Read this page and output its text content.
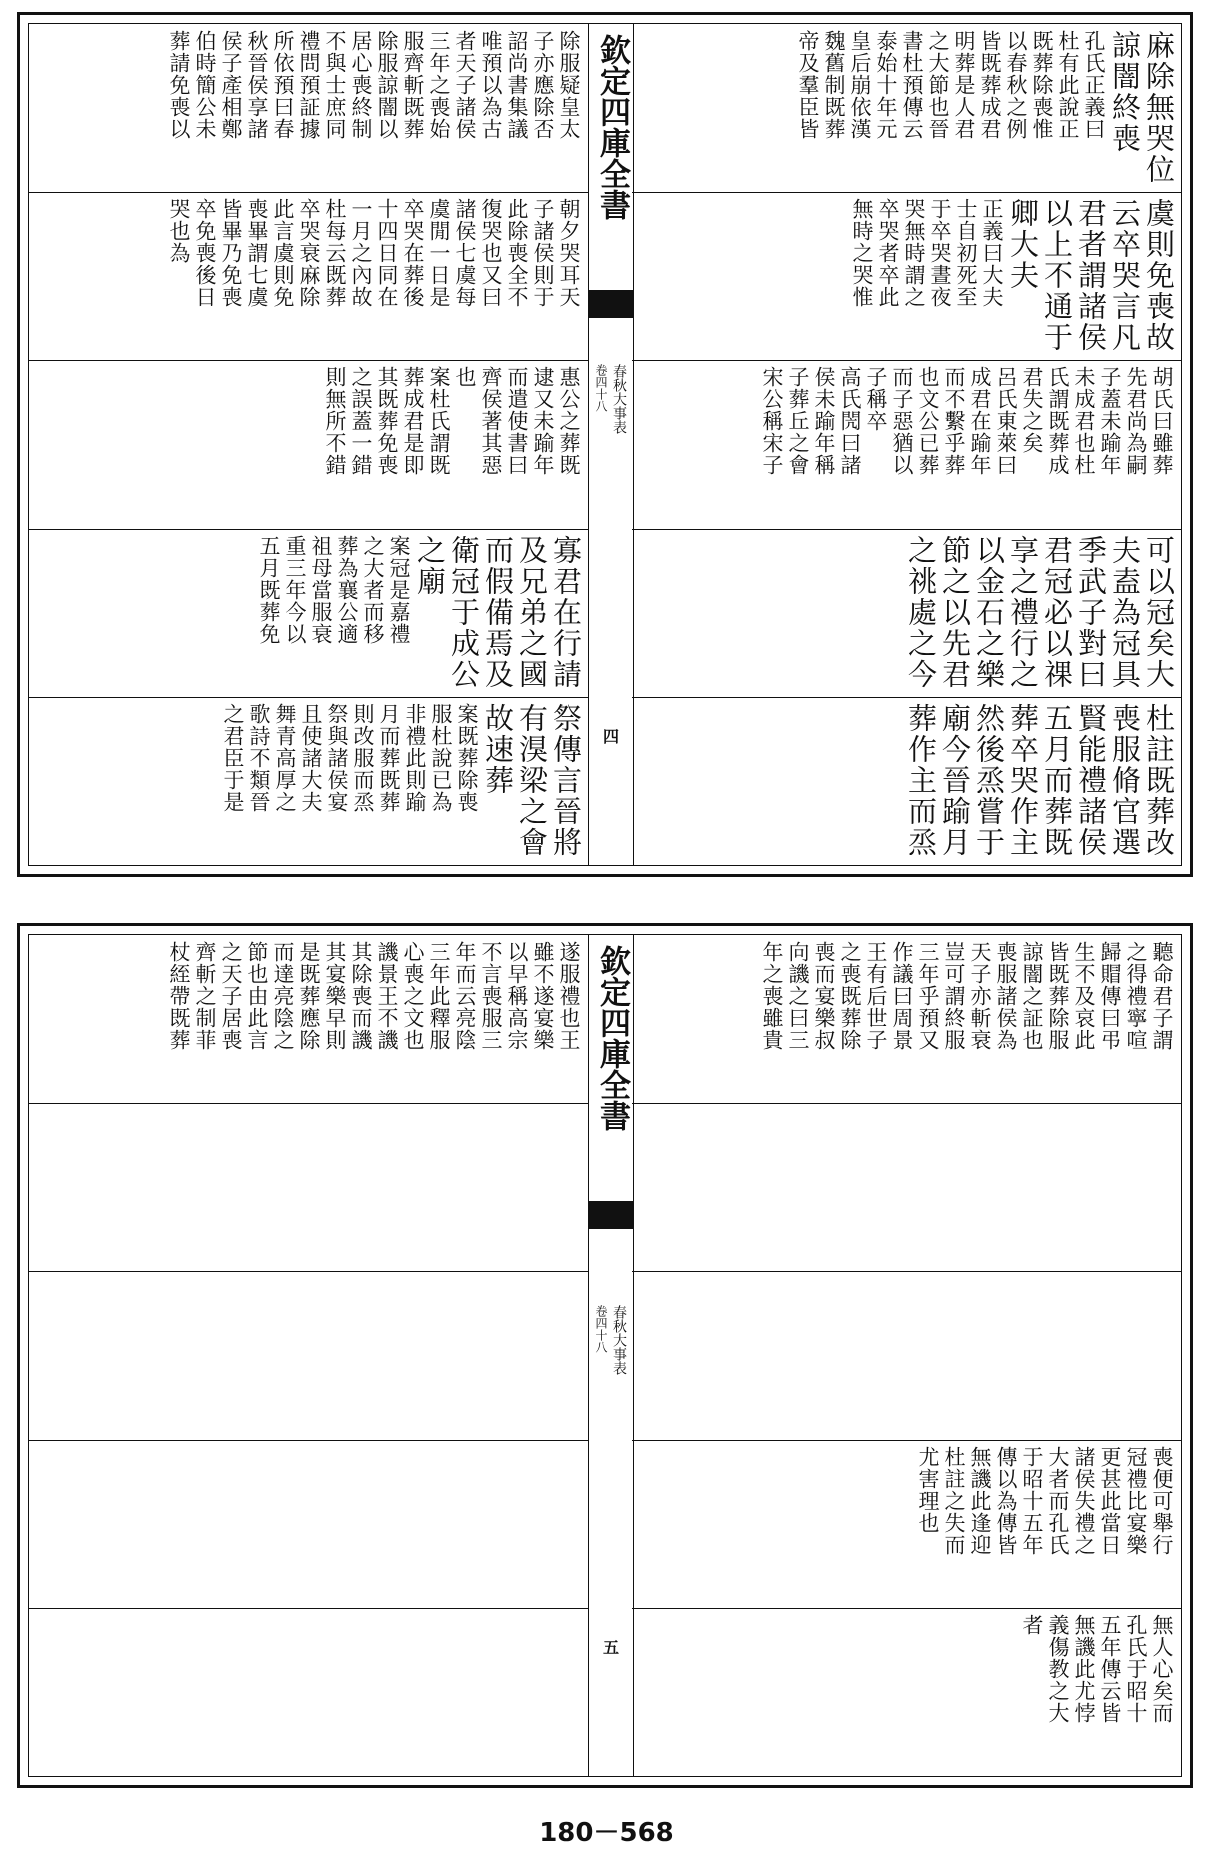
除服疑皇太
子亦應除否
詔尚書集議
唯預以為古
者天子諸侯
三年之喪始
服齊斬既葬
除服諒闇以
居心喪終制
不與士庶同
禮問預証據
所依預曰春
秋晉侯享諸
侯子產相鄭
伯時簡公未
葬請免喪以
朝夕哭耳天
子諸侯則于
此除喪全不
復哭也又曰
諸侯七虞每
虞閒一日是
卒哭在葬後
十四日同在
一月之內故
杜每云既葬
卒哭衰麻除
此言虞則免
喪畢謂七虞
皆畢乃免喪
卒免喪後日
哭也為
惠公之葬既
逮又未踰年
而遣使書曰
齊侯著其惡
也
案杜氏謂既
葬成君是即
其既葬免喪
之誤蓋一錯
則無所不錯
寡君在行請
及兄弟之國
而假備焉及
衛冠于成公
之廟
案冠是嘉禮
之大者而移
葬為襄公適
祖母當服衰
重三年今以
五月既葬免
祭傳言晉將
有湨梁之會
故速葬
案既葬除喪
服杜說已為
非禮此則踰
月而葬既葬
則改服而烝
祭與諸侯宴
且使諸大夫
舞青高厚之
歌詩不類晉
之君臣于是
欽定四庫全書
春秋大事表
卷四十八
四
麻除無哭位
諒闇終喪
孔氏正義曰
杜有此說正
既葬除喪惟
以春秋之例
皆既葬成君
明葬是人君
之大節也晉
書杜預傳云
泰始十年元
皇后崩依漢
魏舊制既葬
帝及羣臣皆
虞則免喪故
云卒哭言凡
君者謂諸侯
以上不通于
卿大夫
正義曰大夫
士自初死至
于卒哭晝夜
哭無時謂之
卒哭者卒此
無時之哭惟
胡氏曰雖葬
先君尚為嗣
子蓋未踰年
未成君也杜
氏謂既葬成
君失之矣
呂氏東萊曰
成君在踰年
而不繫乎葬
也文公已葬
而子惡猶以
子稱卒
高氏閌曰諸
侯未踰年稱
子葬丘之會
宋公稱宋子
可以冠矣大
夫盍為冠具
季武子對曰
君冠必以祼
享之禮行之
以金石之樂
節之以先君
之祧處之今
杜註既葬改
喪服脩官選
賢能禮諸侯
五月而葬既
葬卒哭作主
然後烝嘗于
廟今晉踰月
葬作主而烝
遂服禮也王
雖不遂宴樂
以早稱高宗
不言喪服三
年而云亮陰
三年此釋服
心喪之文也
譏景王不譏
其除喪而譏
其宴樂早則
是既葬應除
而達亮陰之
節也由此言
之天子居喪
齊斬之制菲
杖絰帶既葬	欽定四庫全書
春秋大事表
卷四十八
五
聽命君子謂
之得禮寧喧
歸賵傳曰弔
生不及哀此
皆既葬除服
諒闇之証也
喪服諸侯為
天子亦斬衰
豈可謂終服
三年乎預又
作議曰周景
王有后世子
之喪既葬除
喪而宴樂叔
向譏之曰三
年之喪雖貴
喪便可舉行
冠禮比宴樂
更甚此當日
諸侯失禮之
大者而孔氏
于昭十五年
傳以為傳皆
無譏此逢迎
杜註之失而
尤害理也
無人心矣而
孔氏于昭十
五年傳云皆
無譏此尤悖
義傷教之大
者
180－568
